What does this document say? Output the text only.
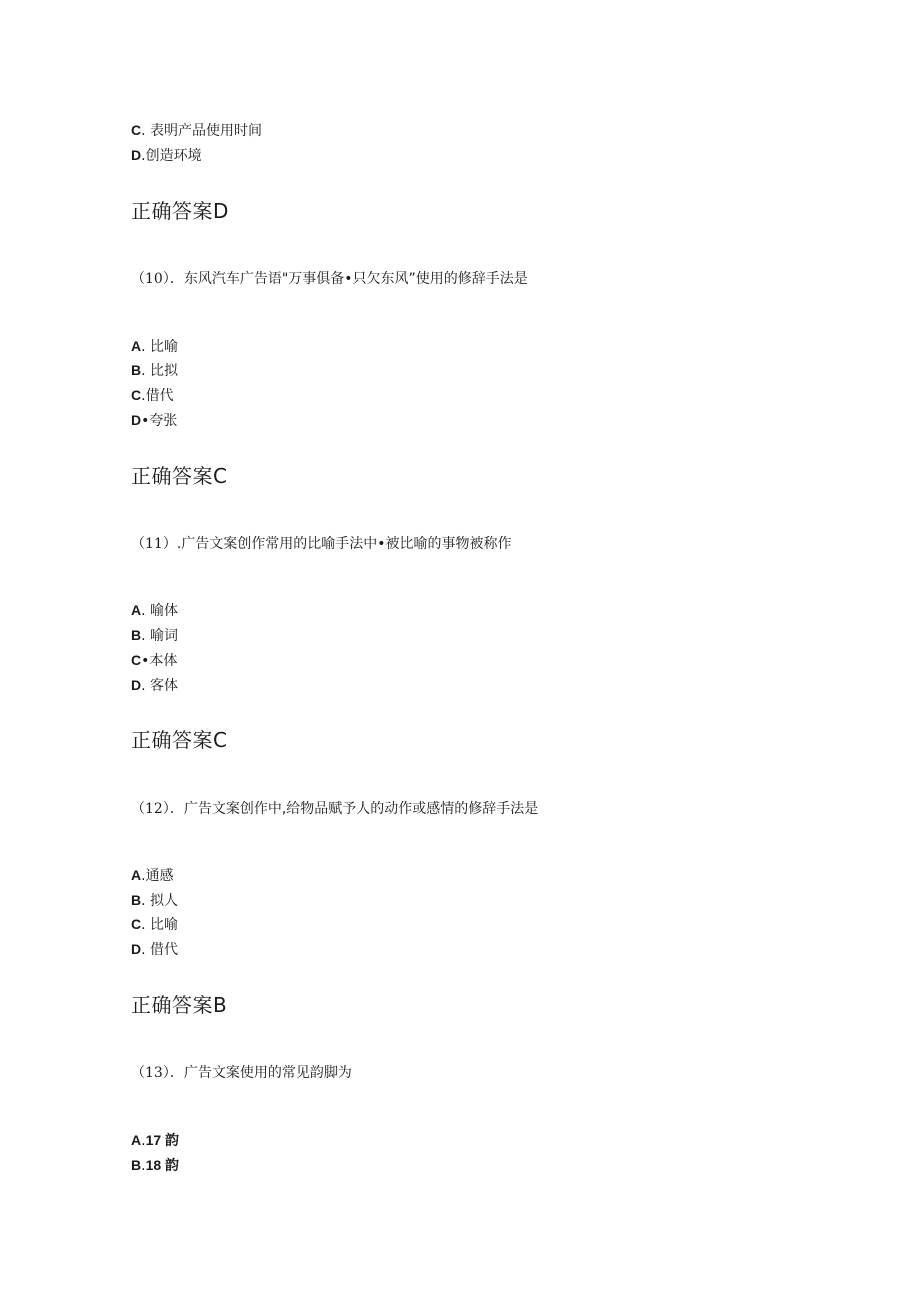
C. 表明产品使用时间
D.创造环境
正确答案D
（10）．东风汽车广告语"万事俱备•只欠东风”使用的修辞手法是
A. 比喻
B. 比拟
C.借代
D•夸张
正确答案C
（11）.广告文案创作常用的比喻手法中•被比喻的事物被称作
A. 喻体
B. 喻词
C•本体
D. 客体
正确答案C
（12）．广告文案创作中,给物品赋予人的动作或感情的修辞手法是
A.通感
B. 拟人
C. 比喻
D. 借代
正确答案B
（13）．广告文案使用的常见韵脚为
A.17 韵
B.18 韵
